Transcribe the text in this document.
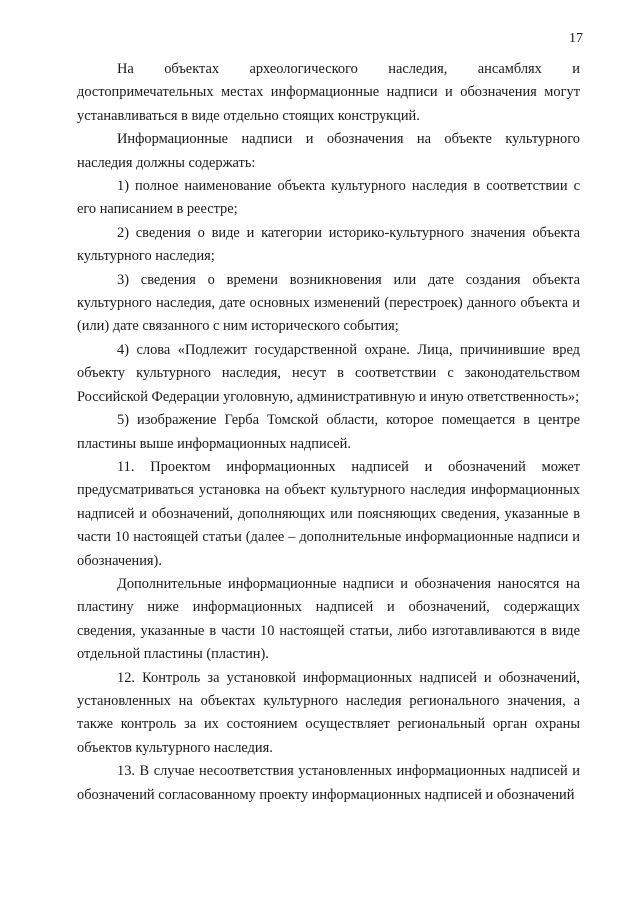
17

На объектах археологического наследия, ансамблях и достопримечательных местах информационные надписи и обозначения могут устанавливаться в виде отдельно стоящих конструкций.

Информационные надписи и обозначения на объекте культурного наследия должны содержать:

1) полное наименование объекта культурного наследия в соответствии с его написанием в реестре;

2) сведения о виде и категории историко-культурного значения объекта культурного наследия;

3) сведения о времени возникновения или дате создания объекта культурного наследия, дате основных изменений (перестроек) данного объекта и (или) дате связанного с ним исторического события;

4) слова «Подлежит государственной охране. Лица, причинившие вред объекту культурного наследия, несут в соответствии с законодательством Российской Федерации уголовную, административную и иную ответственность»;

5) изображение Герба Томской области, которое помещается в центре пластины выше информационных надписей.

11. Проектом информационных надписей и обозначений может предусматриваться установка на объект культурного наследия информационных надписей и обозначений, дополняющих или поясняющих сведения, указанные в части 10 настоящей статьи (далее – дополнительные информационные надписи и обозначения).

Дополнительные информационные надписи и обозначения наносятся на пластину ниже информационных надписей и обозначений, содержащих сведения, указанные в части 10 настоящей статьи, либо изготавливаются в виде отдельной пластины (пластин).

12. Контроль за установкой информационных надписей и обозначений, установленных на объектах культурного наследия регионального значения, а также контроль за их состоянием осуществляет региональный орган охраны объектов культурного наследия.

13. В случае несоответствия установленных информационных надписей и обозначений согласованному проекту информационных надписей и обозначений
